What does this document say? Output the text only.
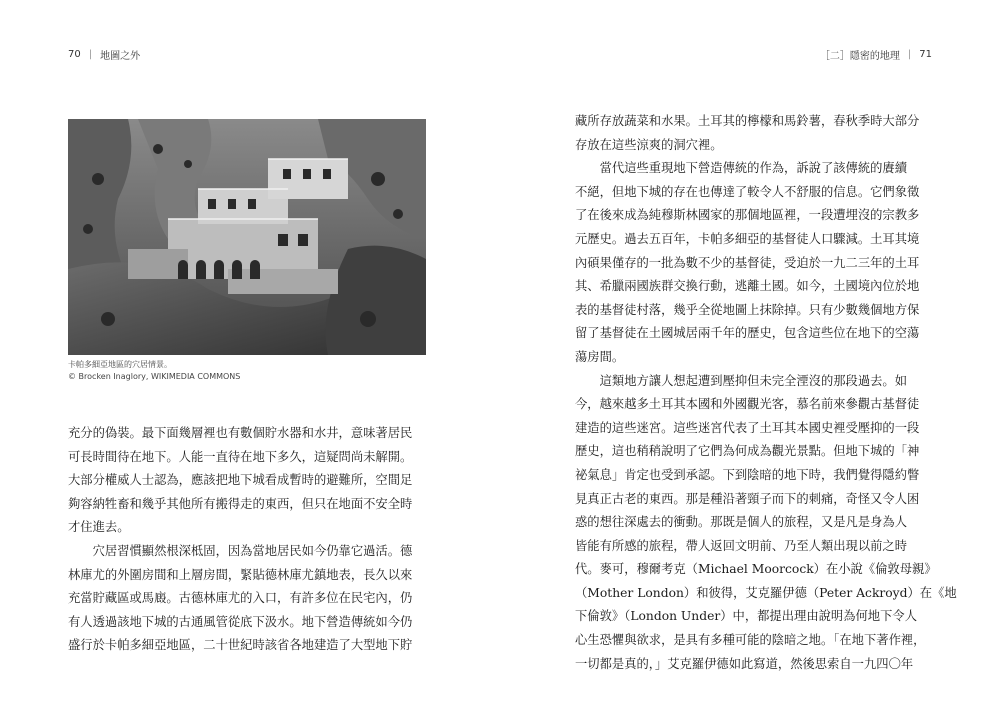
70 | 地圖之外
卡帕多細亞地區的穴居情景。
© Brocken Inaglory, WIKIMEDIA COMMONS
充分的偽裝。最下面幾層裡也有數個貯水器和水井，意味著居民
可長時間待在地下。人能一直待在地下多久，這疑問尚未解開。
大部分權威人士認為，應該把地下城看成暫時的避難所，空間足
夠容納牲畜和幾乎其他所有搬得走的東西，但只在地面不安全時
才住進去。
　　穴居習慣顯然根深柢固，因為當地居民如今仍靠它過活。德
林庫尤的外圍房間和上層房間，緊貼德林庫尤鎮地表，長久以來
充當貯藏區或馬廄。古德林庫尤的入口，有許多位在民宅內，仍
有人透過該地下城的古通風管從底下汲水。地下營造傳統如今仍
盛行於卡帕多細亞地區，二十世紀時該省各地建造了大型地下貯
［二］隱密的地理 | 71
藏所存放蔬菜和水果。土耳其的檸檬和馬鈴薯，春秋季時大部分
存放在這些涼爽的洞穴裡。
　　當代這些重現地下營造傳統的作為，訴說了該傳統的賡續
不絕，但地下城的存在也傳達了較令人不舒服的信息。它們象徵
了在後來成為純穆斯林國家的那個地區裡，一段遭埋沒的宗教多
元歷史。過去五百年，卡帕多細亞的基督徒人口驟減。土耳其境
內碩果僅存的一批為數不少的基督徒，受迫於一九二三年的土耳
其、希臘兩國族群交換行動，逃離土國。如今，土國境內位於地
表的基督徒村落，幾乎全從地圖上抹除掉。只有少數幾個地方保
留了基督徒在土國城居兩千年的歷史，包含這些位在地下的空蕩
蕩房間。
　　這類地方讓人想起遭到壓抑但未完全湮沒的那段過去。如
今，越來越多土耳其本國和外國觀光客，慕名前來參觀古基督徒
建造的這些迷宮。這些迷宮代表了土耳其本國史裡受壓抑的一段
歷史，這也稍稍說明了它們為何成為觀光景點。但地下城的「神
祕氣息」肯定也受到承認。下到陰暗的地下時，我們覺得隱約瞥
見真正古老的東西。那是種沿著頸子而下的刺痛，奇怪又令人困
惑的想往深處去的衝動。那既是個人的旅程，又是凡是身為人
皆能有所感的旅程，帶人返回文明前、乃至人類出現以前之時
代。麥可，穆爾考克（Michael Moorcock）在小說《倫敦母親》
（Mother London）和彼得，艾克羅伊德（Peter Ackroyd）在《地
下倫敦》（London Under）中，都提出理由說明為何地下令人
心生恐懼與欲求，是具有多種可能的陰暗之地。「在地下著作裡，
一切都是真的，」艾克羅伊德如此寫道，然後思索自一九四〇年
